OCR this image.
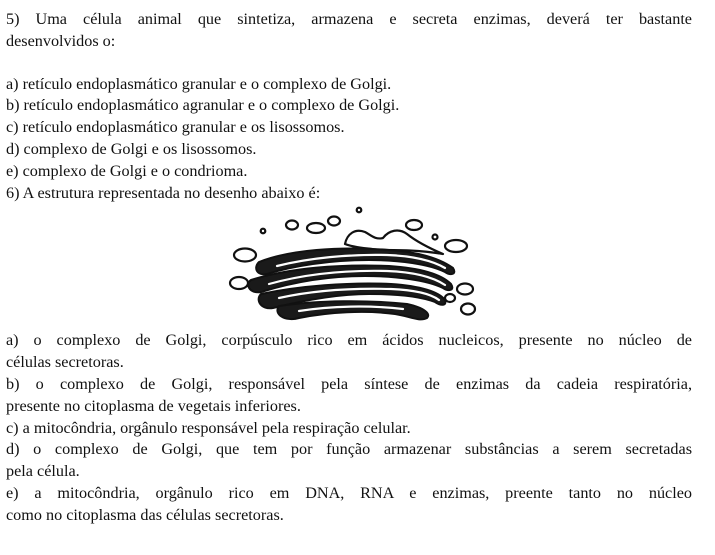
5) Uma célula animal que sintetiza, armazena e secreta enzimas, deverá ter bastante
desenvolvidos o:
a) retículo endoplasmático granular e o complexo de Golgi.
b) retículo endoplasmático agranular e o complexo de Golgi.
c) retículo endoplasmático granular e os lisossomos.
d) complexo de Golgi e os lisossomos.
e) complexo de Golgi e o condrioma.
6) A estrutura representada no desenho abaixo é:
a) o complexo de Golgi, corpúsculo rico em ácidos nucleicos, presente no núcleo de
células secretoras.
b) o complexo de Golgi, responsável pela síntese de enzimas da cadeia respiratória,
presente no citoplasma de vegetais inferiores.
c) a mitocôndria, orgânulo responsável pela respiração celular.
d) o complexo de Golgi, que tem por função armazenar substâncias a serem secretadas
pela célula.
e) a mitocôndria, orgânulo rico em DNA, RNA e enzimas, preente tanto no núcleo
como no citoplasma das células secretoras.
